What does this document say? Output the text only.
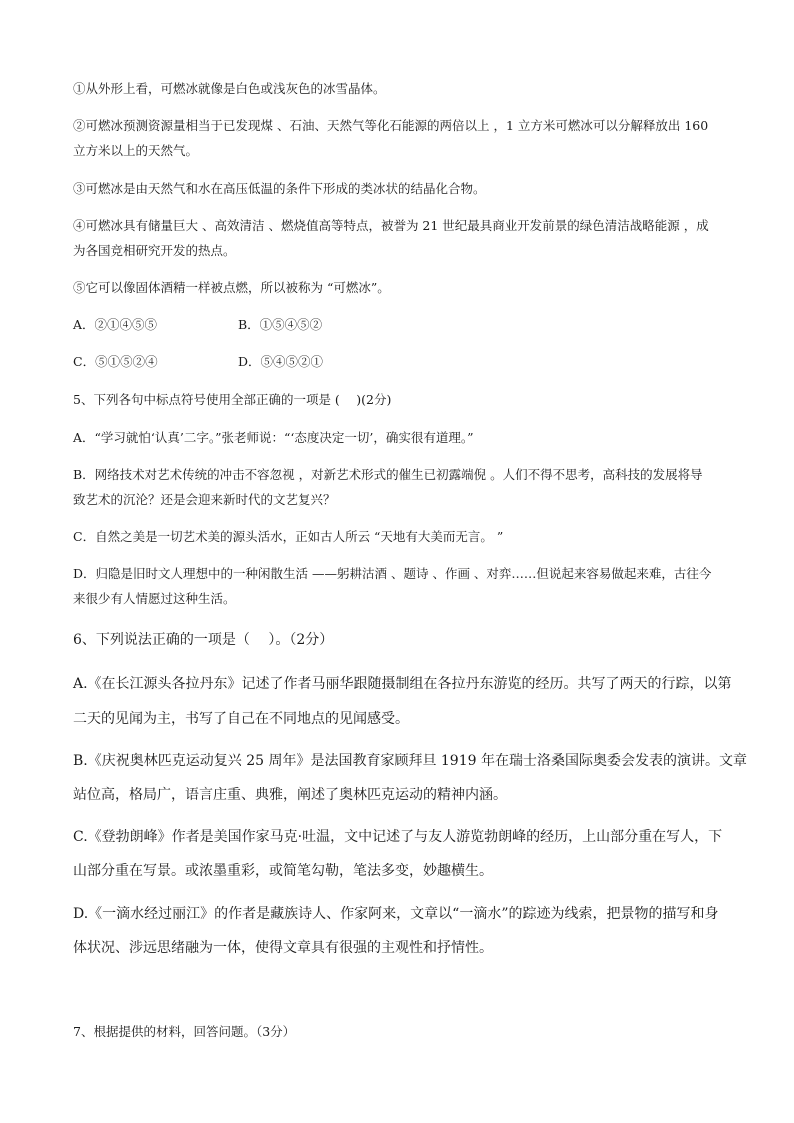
①从外形上看，可燃冰就像是白色或浅灰色的冰雪晶体。
②可燃冰预测资源量相当于已发现煤 、石油、天然气等化石能源的两倍以上 ，1 立方米可燃冰可以分解释放出 160
立方米以上的天然气。
③可燃冰是由天然气和水在高压低温的条件下形成的类冰状的结晶化合物。
④可燃冰具有储量巨大 、高效清洁 、燃烧值高等特点，被誉为 21 世纪最具商业开发前景的绿色清洁战略能源 ，成
为各国竞相研究开发的热点。
⑤它可以像固体酒精一样被点燃，所以被称为 “可燃冰”。
A．②①④⑤⑤	B．①⑤④⑤②
C．⑤①⑤②④	D．⑤④⑤②①
5、下列各句中标点符号使用全部正确的一项是 (　 )(2分)
A．“学习就怕‘认真’二字。”张老师说：“‘态度决定一切’，确实很有道理。”
B．网络技术对艺术传统的冲击不容忽视 ，对新艺术形式的催生已初露端倪 。人们不得不思考，高科技的发展将导
致艺术的沉沦？还是会迎来新时代的文艺复兴？
C．自然之美是一切艺术美的源头活水，正如古人所云 “天地有大美而无言。 ”
D．归隐是旧时文人理想中的一种闲散生活 ——躬耕沽酒 、题诗 、作画 、对弈……但说起来容易做起来难，古往今
来很少有人情愿过这种生活。
6、下列说法正确的一项是（　 ）。（2分）
A.《在长江源头各拉丹东》记述了作者马丽华跟随摄制组在各拉丹东游览的经历。共写了两天的行踪，以第
二天的见闻为主，书写了自己在不同地点的见闻感受。
B.《庆祝奥林匹克运动复兴 25 周年》是法国教育家顾拜旦 1919 年在瑞士洛桑国际奥委会发表的演讲。文章
站位高，格局广，语言庄重、典雅，阐述了奥林匹克运动的精神内涵。
C.《登勃朗峰》作者是美国作家马克·吐温，文中记述了与友人游览勃朗峰的经历，上山部分重在写人，下
山部分重在写景。或浓墨重彩，或简笔勾勒，笔法多变，妙趣横生。
D.《一滴水经过丽江》的作者是藏族诗人、作家阿来，文章以“一滴水”的踪迹为线索，把景物的描写和身
体状况、涉远思绪融为一体，使得文章具有很强的主观性和抒情性。
7、根据提供的材料，回答问题。（3分）
